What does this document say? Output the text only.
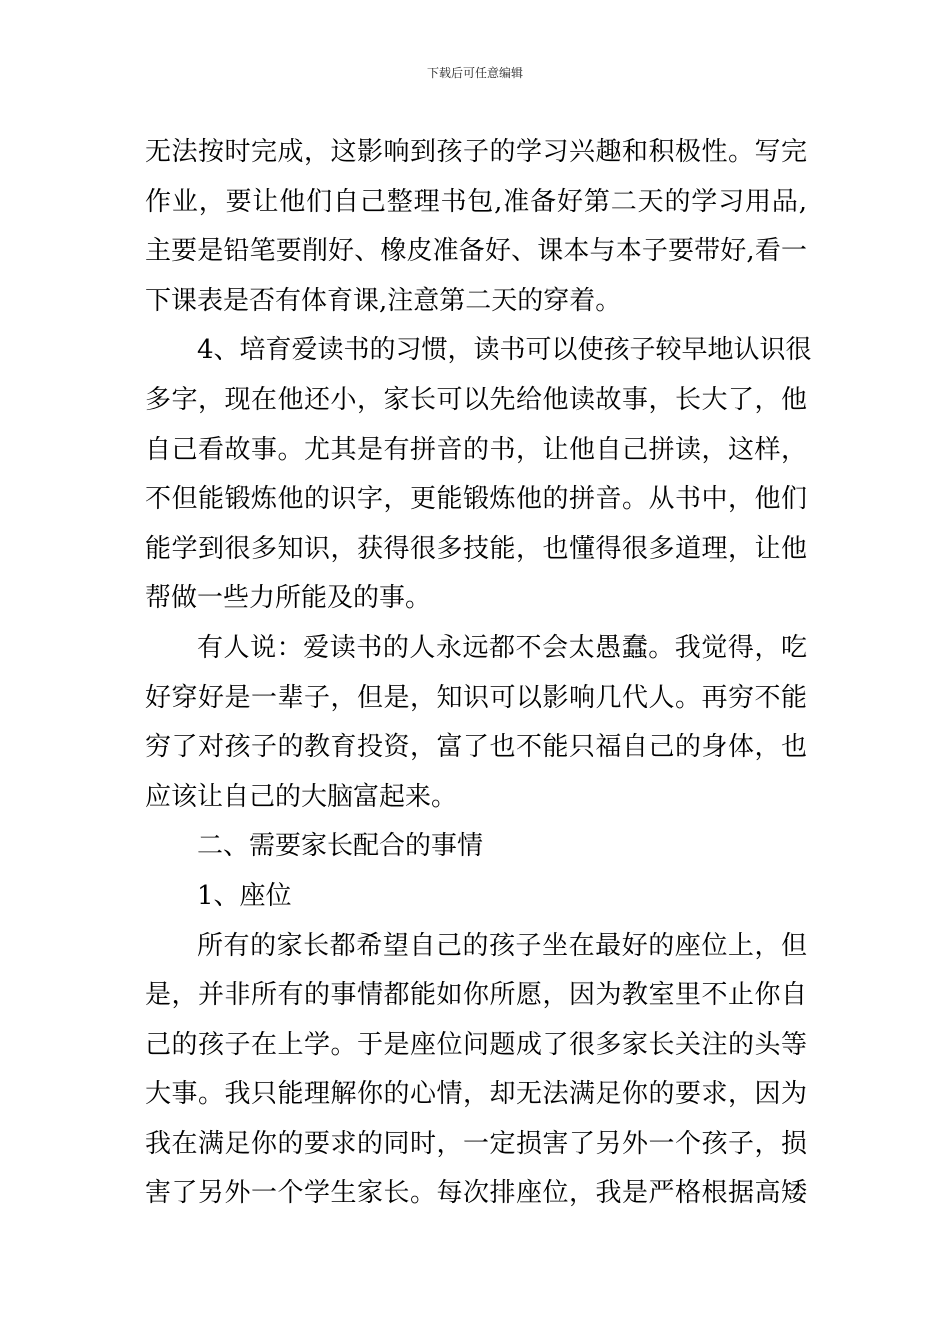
下载后可任意编辑
无法按时完成，这影响到孩子的学习兴趣和积极性。写完
作业，要让他们自己整理书包,准备好第二天的学习用品,
主要是铅笔要削好、橡皮准备好、课本与本子要带好,看一
下课表是否有体育课,注意第二天的穿着。
4、培育爱读书的习惯，读书可以使孩子较早地认识很
多字，现在他还小，家长可以先给他读故事，长大了，他
自己看故事。尤其是有拼音的书，让他自己拼读，这样，
不但能锻炼他的识字，更能锻炼他的拼音。从书中，他们
能学到很多知识，获得很多技能，也懂得很多道理，让他
帮做一些力所能及的事。
有人说：爱读书的人永远都不会太愚蠢。我觉得，吃
好穿好是一辈子，但是，知识可以影响几代人。再穷不能
穷了对孩子的教育投资，富了也不能只福自己的身体，也
应该让自己的大脑富起来。
二、需要家长配合的事情
1、座位
所有的家长都希望自己的孩子坐在最好的座位上，但
是，并非所有的事情都能如你所愿，因为教室里不止你自
己的孩子在上学。于是座位问题成了很多家长关注的头等
大事。我只能理解你的心情，却无法满足你的要求，因为
我在满足你的要求的同时，一定损害了另外一个孩子，损
害了另外一个学生家长。每次排座位，我是严格根据高矮
